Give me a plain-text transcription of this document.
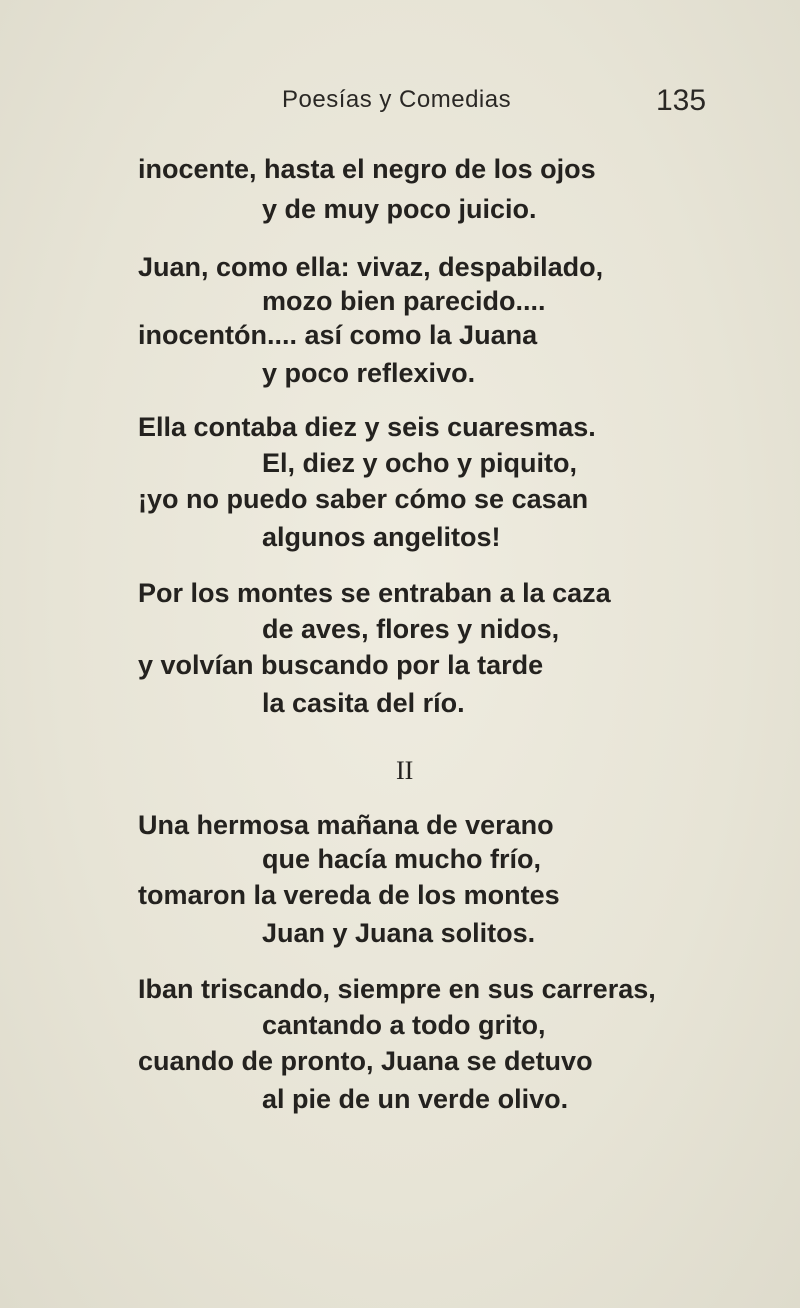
Poesías y Comedias	135
inocente, hasta el negro de los ojos
y de muy poco juicio.
Juan, como ella: vivaz, despabilado,
mozo bien parecido....
inocentón.... así como la Juana
y poco reflexivo.
Ella contaba diez y seis cuaresmas.
El, diez y ocho y piquito,
¡yo no puedo saber cómo se casan
algunos angelitos!
Por los montes se entraban a la caza
de aves, flores y nidos,
y volvían buscando por la tarde
la casita del río.
II
Una hermosa mañana de verano
que hacía mucho frío,
tomaron la vereda de los montes
Juan y Juana solitos.
Iban triscando, siempre en sus carreras,
cantando a todo grito,
cuando de pronto, Juana se detuvo
al pie de un verde olivo.
